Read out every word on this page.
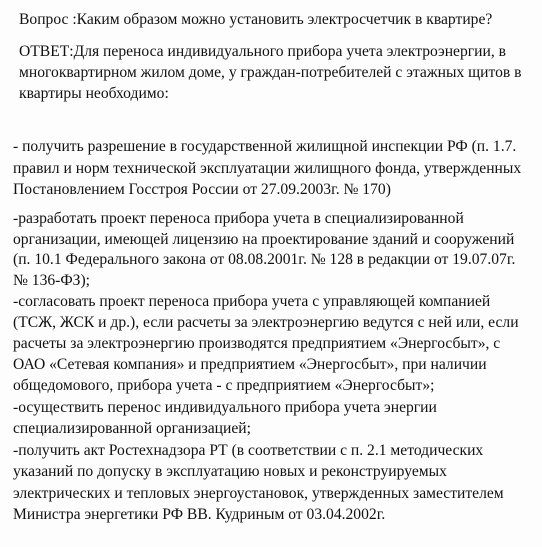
Вопрос :Каким образом можно установить электросчетчик в квартире?
ОТВЕТ:Для переноса индивидуального прибора учета электроэнергии, в
многоквартирном жилом доме, у граждан-потребителей с этажных щитов в
квартиры необходимо:
- получить разрешение в государственной жилищной инспекции РФ (п. 1.7.
правил и норм технической эксплуатации жилищного фонда, утвержденных
Постановлением Госстроя России от 27.09.2003г. № 170)
-разработать проект переноса прибора учета в специализированной
организации, имеющей лицензию на проектирование зданий и сооружений
(п. 10.1 Федерального закона от 08.08.2001г. № 128 в редакции от 19.07.07г.
№ 136-ФЗ);
-согласовать проект переноса прибора учета с управляющей компанией
(ТСЖ, ЖСК и др.), если расчеты за электроэнергию ведутся с ней или, если
расчеты за электроэнергию производятся предприятием «Энергосбыт», с
ОАО «Сетевая компания» и предприятием «Энергосбыт», при наличии
общедомового, прибора учета - с предприятием «Энергосбыт»;
-осуществить перенос индивидуального прибора учета энергии
специализированной организацией;
-получить акт Ростехнадзора РТ (в соответствии с п. 2.1 методических
указаний по допуску в эксплуатацию новых и реконструируемых
электрических и тепловых энергоустановок, утвержденных заместителем
Министра энергетики РФ ВВ. Кудриным от 03.04.2002г.
